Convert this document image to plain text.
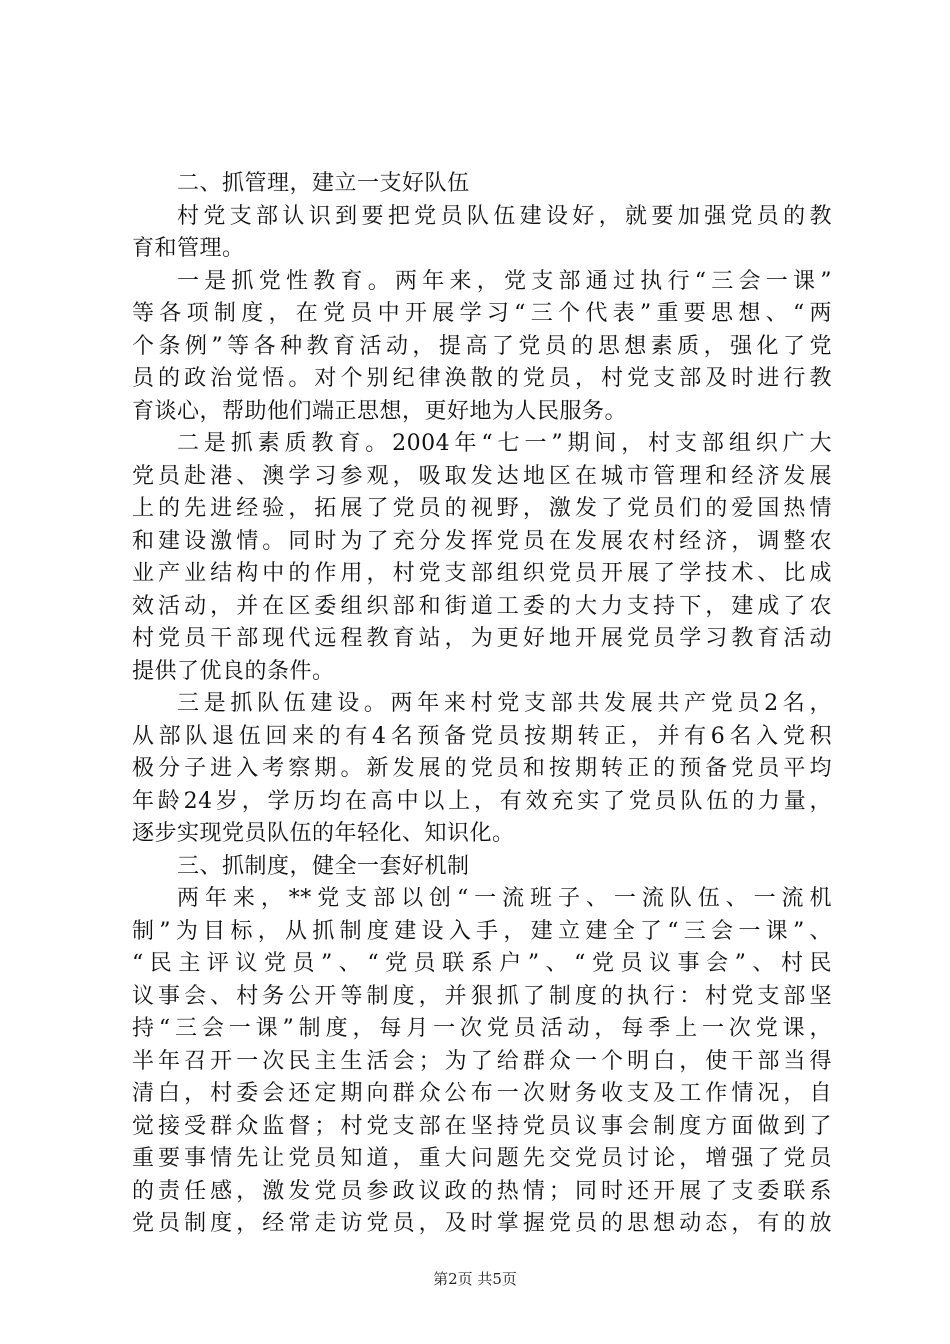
二、抓管理，建立一支好队伍
村党支部认识到要把党员队伍建设好，就要加强党员的教
育和管理。
一是抓党性教育。两年来，党支部通过执行“三会一课”
等各项制度，在党员中开展学习“三个代表”重要思想、“两
个条例”等各种教育活动，提高了党员的思想素质，强化了党
员的政治觉悟。对个别纪律涣散的党员，村党支部及时进行教
育谈心，帮助他们端正思想，更好地为人民服务。
二是抓素质教育。2004年“七一”期间，村支部组织广大
党员赴港、澳学习参观，吸取发达地区在城市管理和经济发展
上的先进经验，拓展了党员的视野，激发了党员们的爱国热情
和建设激情。同时为了充分发挥党员在发展农村经济，调整农
业产业结构中的作用，村党支部组织党员开展了学技术、比成
效活动，并在区委组织部和街道工委的大力支持下，建成了农
村党员干部现代远程教育站，为更好地开展党员学习教育活动
提供了优良的条件。
三是抓队伍建设。两年来村党支部共发展共产党员2名，
从部队退伍回来的有4名预备党员按期转正，并有6名入党积
极分子进入考察期。新发展的党员和按期转正的预备党员平均
年龄24岁，学历均在高中以上，有效充实了党员队伍的力量，
逐步实现党员队伍的年轻化、知识化。
三、抓制度，健全一套好机制
两年来，**党支部以创“一流班子、一流队伍、一流机
制”为目标，从抓制度建设入手，建立建全了“三会一课”、
“民主评议党员”、“党员联系户”、“党员议事会”、村民
议事会、村务公开等制度，并狠抓了制度的执行：村党支部坚
持“三会一课”制度，每月一次党员活动，每季上一次党课，
半年召开一次民主生活会；为了给群众一个明白，使干部当得
清白，村委会还定期向群众公布一次财务收支及工作情况，自
觉接受群众监督；村党支部在坚持党员议事会制度方面做到了
重要事情先让党员知道，重大问题先交党员讨论，增强了党员
的责任感，激发党员参政议政的热情；同时还开展了支委联系
党员制度，经常走访党员，及时掌握党员的思想动态，有的放
第2页 共5页
